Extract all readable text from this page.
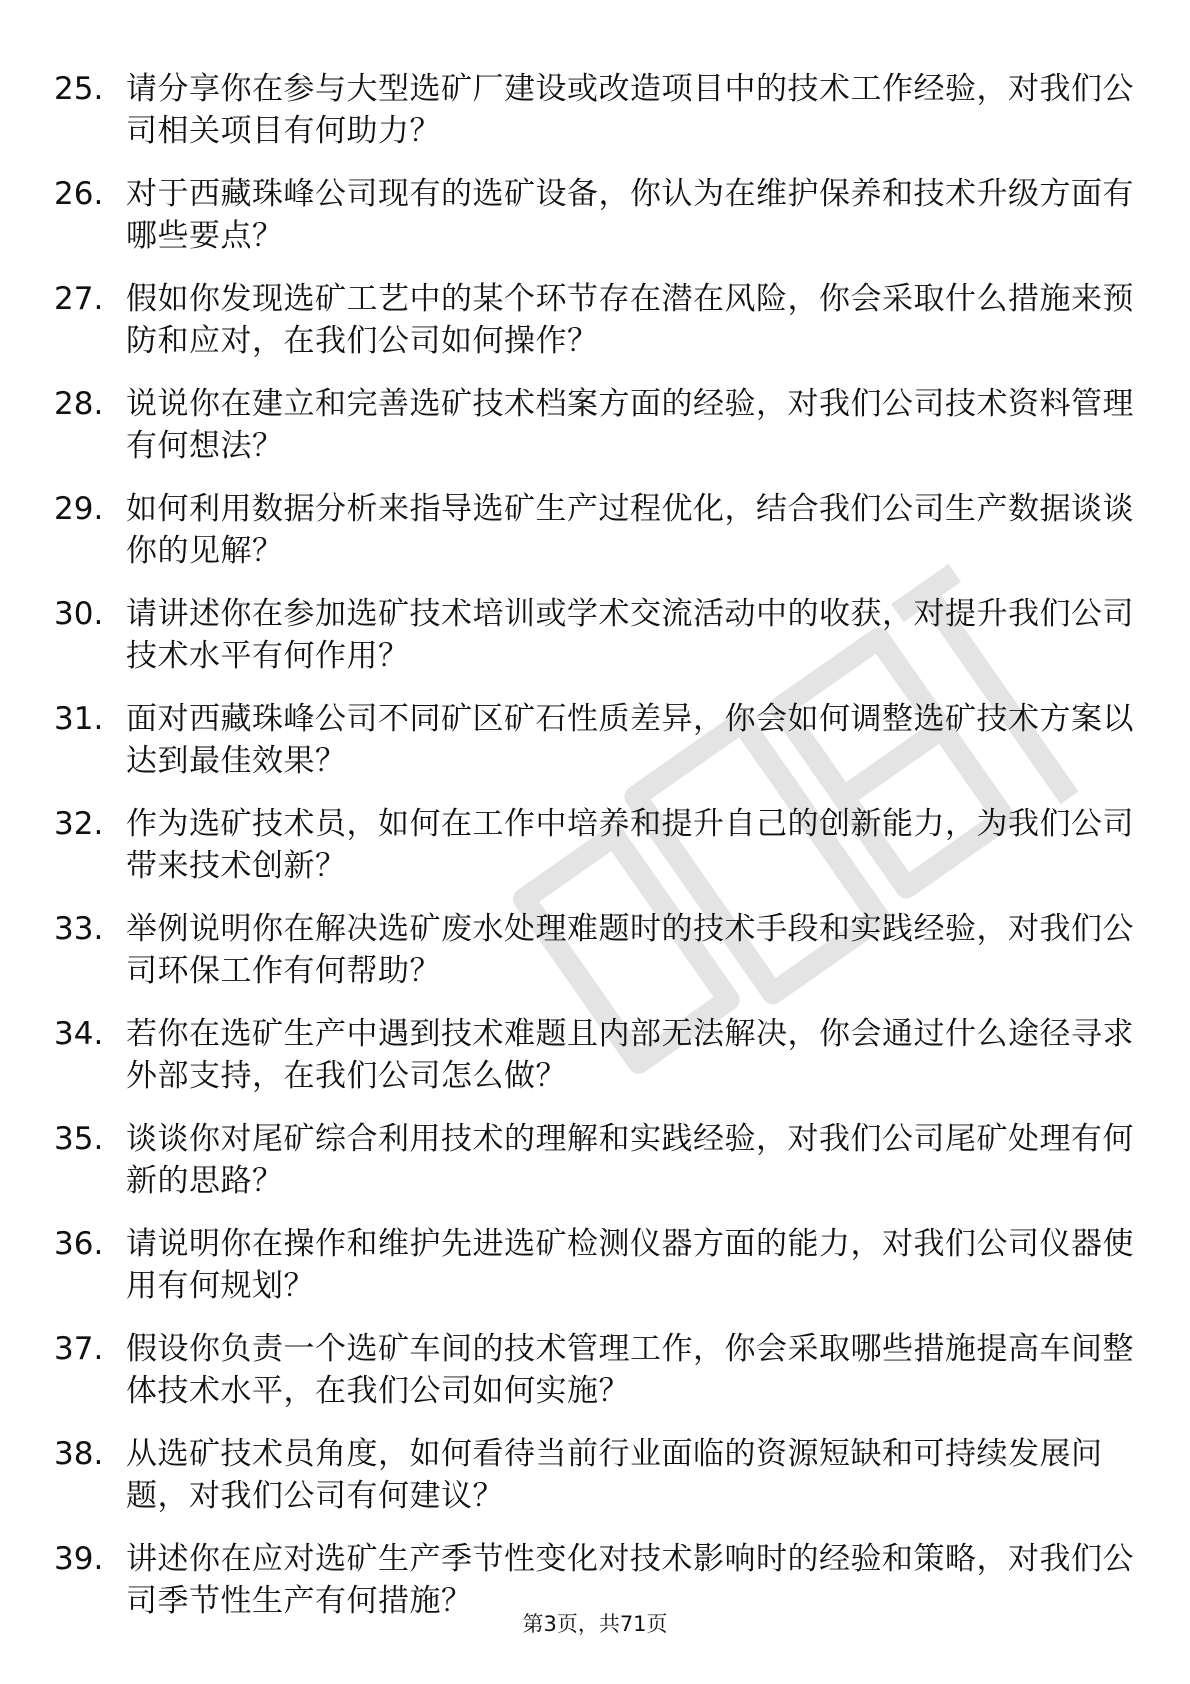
25. 请分享你在参与大型选矿厂建设或改造项目中的技术工作经验，对我们公司相关项目有何助力？
26. 对于西藏珠峰公司现有的选矿设备，你认为在维护保养和技术升级方面有哪些要点？
27. 假如你发现选矿工艺中的某个环节存在潜在风险，你会采取什么措施来预防和应对，在我们公司如何操作？
28. 说说你在建立和完善选矿技术档案方面的经验，对我们公司技术资料管理有何想法？
29. 如何利用数据分析来指导选矿生产过程优化，结合我们公司生产数据谈谈你的见解？
30. 请讲述你在参加选矿技术培训或学术交流活动中的收获，对提升我们公司技术水平有何作用？
31. 面对西藏珠峰公司不同矿区矿石性质差异，你会如何调整选矿技术方案以达到最佳效果？
32. 作为选矿技术员，如何在工作中培养和提升自己的创新能力，为我们公司带来技术创新？
33. 举例说明你在解决选矿废水处理难题时的技术手段和实践经验，对我们公司环保工作有何帮助？
34. 若你在选矿生产中遇到技术难题且内部无法解决，你会通过什么途径寻求外部支持，在我们公司怎么做？
35. 谈谈你对尾矿综合利用技术的理解和实践经验，对我们公司尾矿处理有何新的思路？
36. 请说明你在操作和维护先进选矿检测仪器方面的能力，对我们公司仪器使用有何规划？
37. 假设你负责一个选矿车间的技术管理工作，你会采取哪些措施提高车间整体技术水平，在我们公司如何实施？
38. 从选矿技术员角度，如何看待当前行业面临的资源短缺和可持续发展问题，对我们公司有何建议？
39. 讲述你在应对选矿生产季节性变化对技术影响时的经验和策略，对我们公司季节性生产有何措施？
第3页，共71页
